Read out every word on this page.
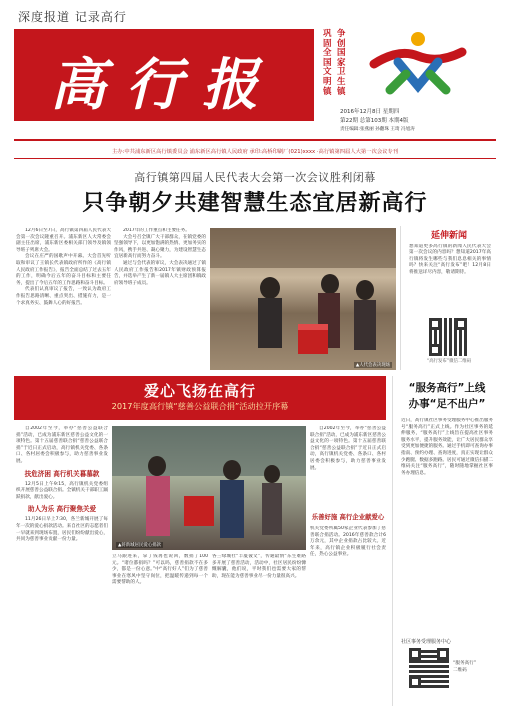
深度报道 记录高行
高行报
巩固全国文明镇
争创国家卫生镇
2016年12月8日 星期四
第22期 总第103期 本期4版
责任编辑:张燕丽 孙翻珠 王琦 冯旭涛
主办:中共浦东新区高行镇委员会 浦东新区高行镇人民政府 承印:高桥印刷厂(021)xxxx ·高行镇第四届人大第一次会议专刊
高行镇第四届人民代表大会第一次会议胜利闭幕
只争朝夕共建智慧生态宜居新高行

12月6日至7日，高行镇第四届人民代表大会第一次会议隆重召开。浦东新区人大常委会副主任出席，浦东新区委相关部门领导及镇领导班子列席大会。

会议在庄严的国歌声中开幕。大会首先听取和审议了王镇长代表镇政府所作的《高行镇人民政府工作报告》，报告全面总结了过去五年的工作，明确今后五年的奋斗目标和主要任务，提出了今后五年的工作思路和奋斗目标。

代表们认真审议了报告，一致认为政府工作报告思路清晰、重点突出、措施有力，是一个求真务实、鼓舞人心的好报告。

2017年的工作重点和主要任务。

大会号召全镇广大干部群众，在镇党委的坚强领导下，以更加饱满的热情、更加务实的作风，携手共进、凝心聚力，为建设智慧生态宜居新高行而努力奋斗。

通过与会代表的审议，大会表决通过了镇人民政府工作报告和2017年镇财政预算报告，并选举产生了新一届镇人大主席团和镇政府领导班子成员。

▲人代会表决现场
延伸新闻
想知道更多高行镇的新闻人民代表大会第一次会议的内容吗？想知道2017年高行镇将发生哪些与我们息息相关的事情吗？快来关注“高行发布”吧！12月8日将推送详尽内容，敬请期待。
“高行发布”微信二维码
爱心飞扬在高行
2017年度高行镇“慈善公益联合捐”活动拉开序幕

自2002年至今，举办“慈善公益联合捐”活动，已成为浦东新区慈善公益文化的一项特色。第十五届慈善联合捐“慈善公益联合捐”于近日正式启动，高行镇机关党委、各条口、各村居委会积极参与，助力慈善事业发展。

扶危济困 高行机关暮慕款

12月5日上午9:15，高行镇机关党委组织开展慈善公益联合捐。全镇机关干部职工踊跃捐款，献出爱心。

助人为乐 高行聚焦关爱

11月26日早上7:30，各兰新城开展了每年一次的爱心捐款活动。来自社区的志愿者们一早就来到现场布置，居民们纷纷献出爱心，共同为慈善事业贡献一份力量。

▲蒋新城居民爱心捐款
立马跟进来，拿了钱再也说回，数捐了100元。“诸位都捐吗？”可以吗，慈善捐款不在多少，都是一份心意。”中“高行好人”们为了慈善事业在寒风中坚守岗位，把温暖传递到每一个需要帮助的人。
各三绿城社“丰厦彼文”，传通最情“东生难路多开展了慈善活动，活动中，社区居民纷纷慷慨解囊，他们说，平时我们也需要大家的帮助，现在能为慈善事业尽一份力量很高兴。

自2002年至今，举办“慈善公益联合捐”活动，已成为浦东新区慈善公益文化的一项特色。第十五届慈善联合捐“慈善公益联合捐”于近日正式启动，高行镇机关党委、各条口、各村居委会积极参与，助力慈善事业发展。

乐善好施 高行企业献爱心
机关党委所属50家企业代表参加了慈善联合捐活动。2016年慈善款合计6万余元，其中企业捐款占比较大。近年来，高行镇企业积极履行社会责任，热心公益事业。
“服务高行”上线
办事“足不出户”
近日，高行镇社区事务受理服务中心推出服务号“服务高行”正式上线。作为社区事务的延伸服务，“服务高行”上线旨在提高社区事务服务水平，提升服务效能，让广大居民群众享受到更加便捷的服务。通过手机即可查询办事指南、预约办理、查询进度，真正实现让群众少跑腿、数据多跑路。居民可通过微信扫描二维码关注“服务高行”，随时随地掌握社区事务办理信息。
社区事务受理服务中心
“服务高行”
二维码
